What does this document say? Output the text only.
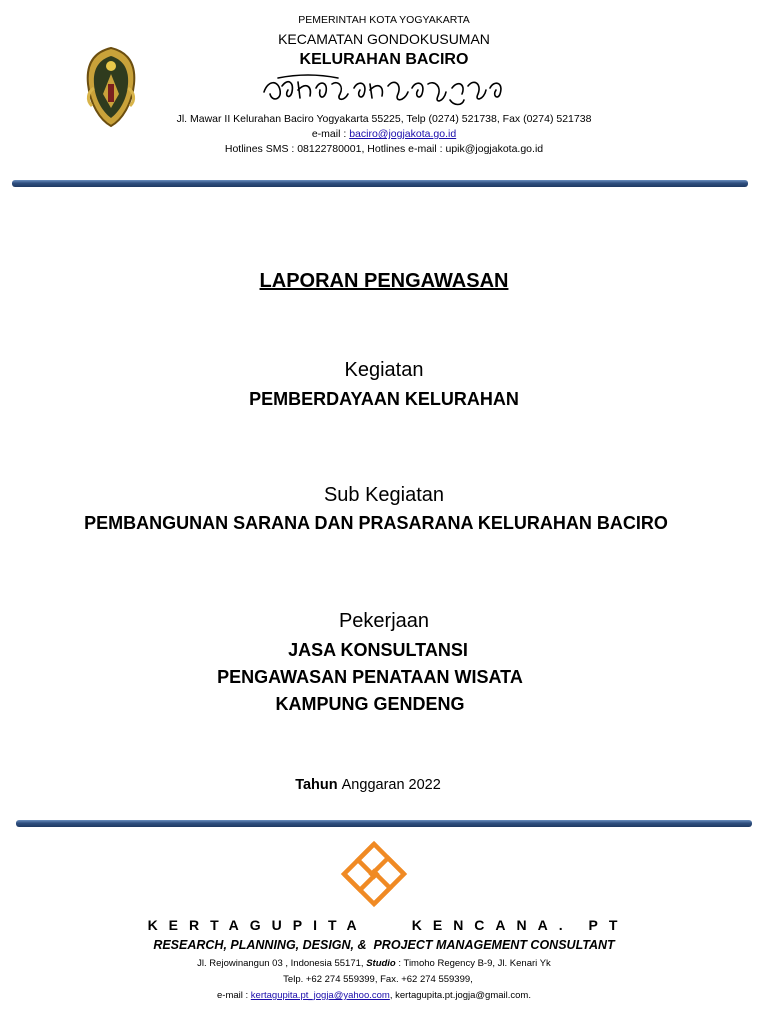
PEMERINTAH KOTA YOGYAKARTA
KECAMATAN GONDOKUSUMAN
KELURAHAN BACIRO
Jl. Mawar II Kelurahan Baciro Yogyakarta 55225, Telp (0274) 521738, Fax (0274) 521738
e-mail : baciro@jogjakota.go.id
Hotlines SMS : 08122780001, Hotlines e-mail : upik@jogjakota.go.id
LAPORAN PENGAWASAN
Kegiatan
PEMBERDAYAAN KELURAHAN
Sub Kegiatan
PEMBANGUNAN SARANA DAN PRASARANA KELURAHAN BACIRO
Pekerjaan
JASA KONSULTANSI
PENGAWASAN PENATAAN WISATA
KAMPUNG GENDENG
Tahun Anggaran 2022
KERTAGUPITA   KENCANA. PT
RESEARCH, PLANNING, DESIGN, &  PROJECT MANAGEMENT CONSULTANT
Jl. Rejowinangun 03 , Indonesia 55171, Studio : Timoho Regency B-9, Jl. Kenari Yk
Telp. +62 274 559399, Fax. +62 274 559399,
e-mail : kertagupita.pt_jogja@yahoo.com, kertagupita.pt.jogja@gmail.com.
